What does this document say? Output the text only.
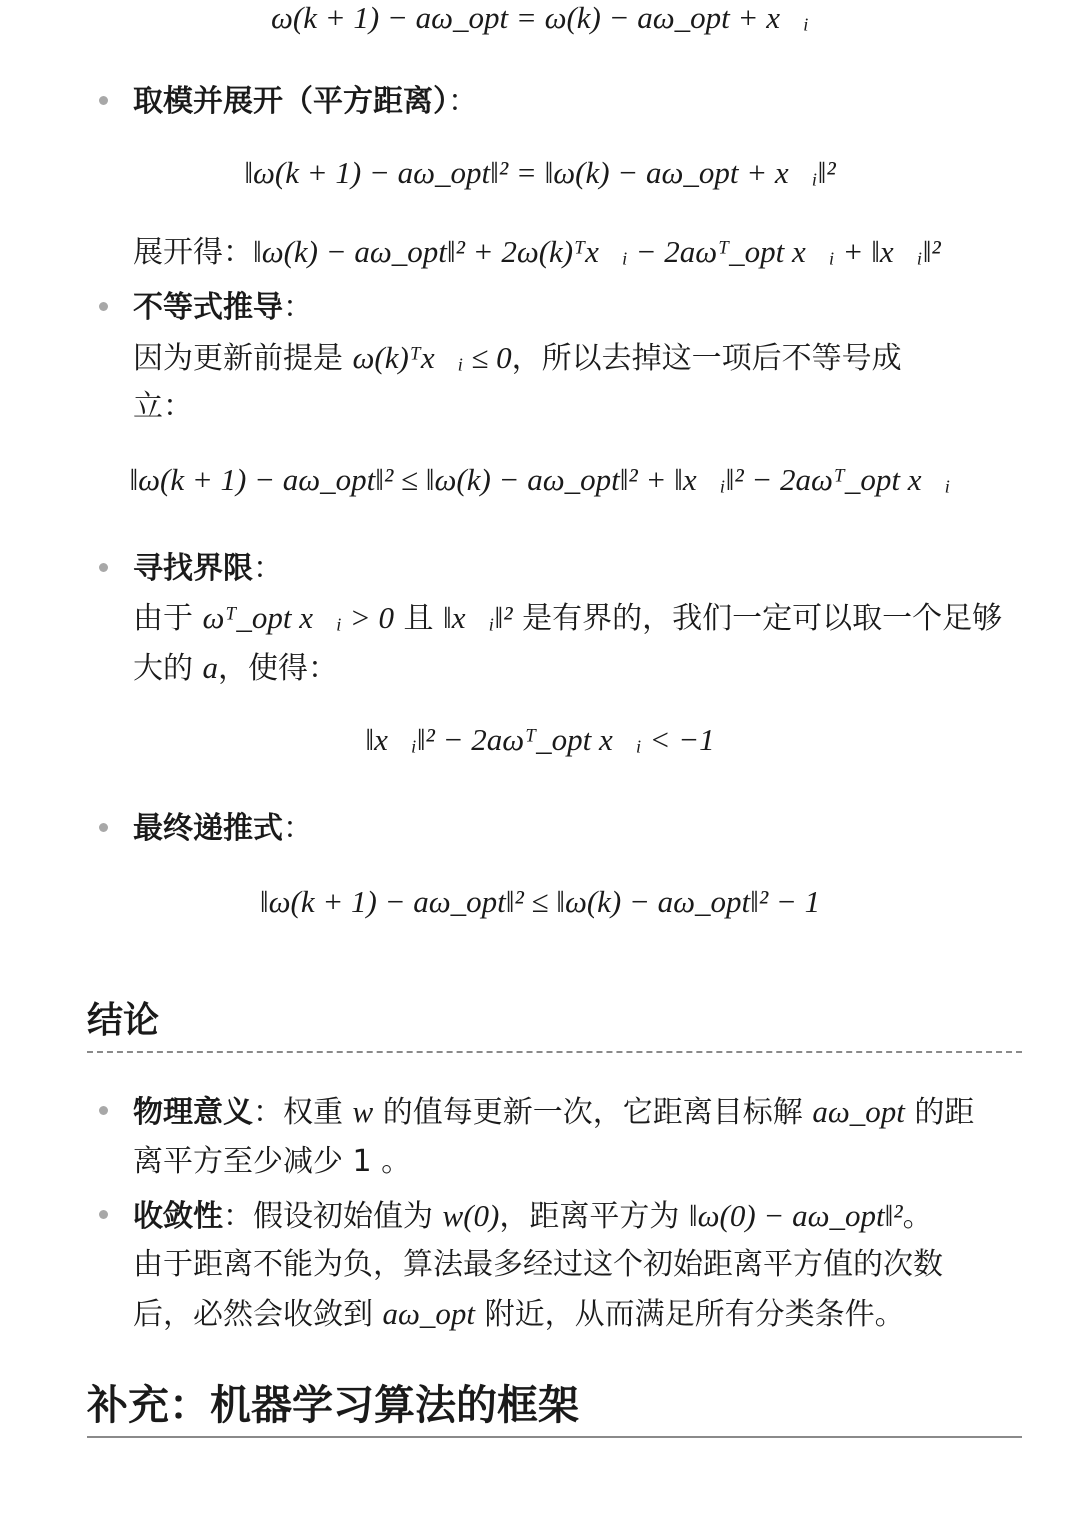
ω(k + 1) − aω_opt = ω(k) − aω_opt + x⃗ᵢ
取模并展开（平方距离）：
‖ω(k + 1) − aω_opt‖² = ‖ω(k) − aω_opt + x⃗ᵢ‖²
展开得：‖ω(k) − aω_opt‖² + 2ω(k)ᵀx⃗ᵢ − 2aωᵀ_opt x⃗ᵢ + ‖x⃗ᵢ‖²
不等式推导：
因为更新前提是 ω(k)ᵀx⃗ᵢ ≤ 0，所以去掉这一项后不等号成
立：
‖ω(k + 1) − aω_opt‖² ≤ ‖ω(k) − aω_opt‖² + ‖x⃗ᵢ‖² − 2aωᵀ_opt x⃗ᵢ
寻找界限：
由于 ωᵀ_opt x⃗ᵢ > 0 且 ‖x⃗ᵢ‖² 是有界的，我们一定可以取一个足够
大的 a，使得：
‖x⃗ᵢ‖² − 2aωᵀ_opt x⃗ᵢ < −1
最终递推式：
‖ω(k + 1) − aω_opt‖² ≤ ‖ω(k) − aω_opt‖² − 1
结论
物理意义：权重 w 的值每更新一次，它距离目标解 aω_opt 的距
离平方至少减少 1 。
收敛性：假设初始值为 w(0)，距离平方为 ‖ω(0) − aω_opt‖²。
由于距离不能为负，算法最多经过这个初始距离平方值的次数
后，必然会收敛到 aω_opt 附近，从而满足所有分类条件。
补充：机器学习算法的框架
